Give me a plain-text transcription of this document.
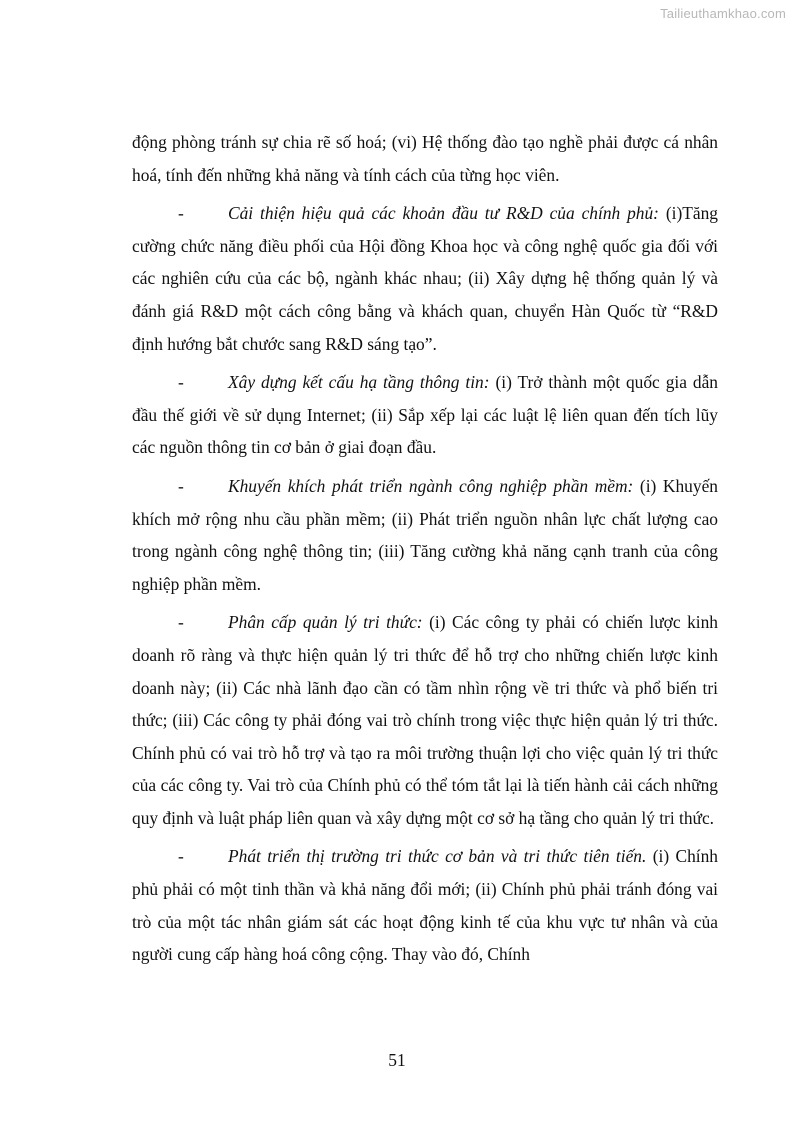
Tailieuthamkhao.com

động phòng tránh sự chia rẽ số hoá; (vi) Hệ thống đào tạo nghề phải được cá nhân hoá, tính đến những khả năng và tính cách của từng học viên.

-	Cải thiện hiệu quả các khoản đầu tư R&D của chính phủ: (i)Tăng cường chức năng điều phối của Hội đồng Khoa học và công nghệ quốc gia đối với các nghiên cứu của các bộ, ngành khác nhau; (ii) Xây dựng hệ thống quản lý và đánh giá R&D một cách công bằng và khách quan, chuyển Hàn Quốc từ “R&D định hướng bắt chước sang R&D sáng tạo”.

-	Xây dựng kết cấu hạ tầng thông tin: (i) Trở thành một quốc gia dẫn đầu thế giới về sử dụng Internet; (ii) Sắp xếp lại các luật lệ liên quan đến tích lũy các nguồn thông tin cơ bản ở giai đoạn đầu.

-	Khuyến khích phát triển ngành công nghiệp phần mềm: (i) Khuyến khích mở rộng nhu cầu phần mềm; (ii) Phát triển nguồn nhân lực chất lượng cao trong ngành công nghệ thông tin; (iii) Tăng cường khả năng cạnh tranh của công nghiệp phần mềm.

-	Phân cấp quản lý tri thức: (i) Các công ty phải có chiến lược kinh doanh rõ ràng và thực hiện quản lý tri thức để hỗ trợ cho những chiến lược kinh doanh này; (ii) Các nhà lãnh đạo cần có tầm nhìn rộng về tri thức và phổ biến tri thức; (iii) Các công ty phải đóng vai trò chính trong việc thực hiện quản lý tri thức. Chính phủ có vai trò hỗ trợ và tạo ra môi trường thuận lợi cho việc quản lý tri thức của các công ty. Vai trò của Chính phủ có thể tóm tắt lại là tiến hành cải cách những quy định và luật pháp liên quan và xây dựng một cơ sở hạ tầng cho quản lý tri thức.

-	Phát triển thị trường tri thức cơ bản và tri thức tiên tiến. (i) Chính phủ phải có một tinh thần và khả năng đổi mới; (ii) Chính phủ phải tránh đóng vai trò của một tác nhân giám sát các hoạt động kinh tế của khu vực tư nhân và của người cung cấp hàng hoá công cộng. Thay vào đó, Chính

51
